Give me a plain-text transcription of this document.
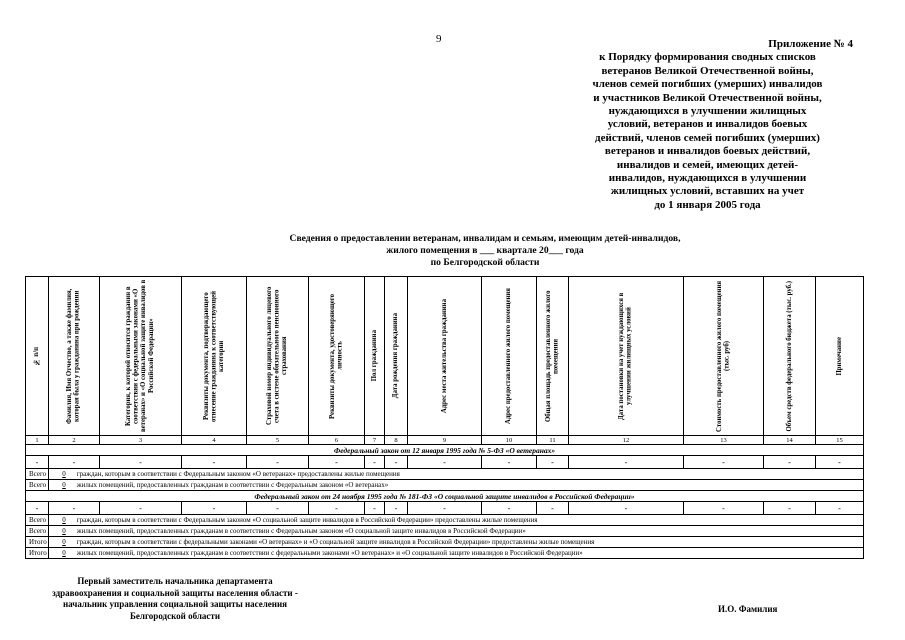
9	Приложение № 4
к Порядку формирования сводных списков
ветеранов Великой Отечественной войны,
членов семей погибших (умерших) инвалидов
и участников Великой Отечественной войны,
нуждающихся в улучшении жилищных
условий, ветеранов и инвалидов боевых
действий, членов семей погибших (умерших)
ветеранов и инвалидов боевых действий,
инвалидов и семей, имеющих детей-
инвалидов, нуждающихся в улучшении
жилищных условий, вставших на учет
до 1 января 2005 года
Сведения о предоставлении ветеранам, инвалидам и семьям, имеющим детей-инвалидов,
жилого помещения в ___ квартале 20___ года
по Белгородской области
№ п/п	Фамилия, Имя Отчество, а также фамилия, которая была у гражданина при рождении	Категория, к которой относится гражданин в соответствии с федеральными законами «О ветеранах» и «О социальной защите инвалидов в Российской Федерации»	Реквизиты документа, подтверждающего отнесение гражданина к соответствующей категории	Страховой номер индивидуального лицевого счета в системе обязательного пенсионного страхования	Реквизиты документа, удостоверяющего личность	Пол гражданина	Дата рождения гражданина	Адрес места жительства гражданина	Адрес предоставленного жилого помещения	Общая площадь предоставленного жилого помещения	Дата постановки на учет нуждающихся в улучшении жилищных условий	Стоимость предоставленного жилого помещения (тыс. руб)	Объем средств федерального бюджета (тыс. руб.)	Примечание

1	2	3	4	5	6	7	8	9	10	11	12	13	14	15
Федеральный закон от 12 января 1995 года № 5-ФЗ «О ветеранах»														
-	-	-	-	-	-	-	-	-	-	-	-	-	-	-
Всего	0 граждан, которым в соответствии с Федеральным законом «О ветеранах» предоставлены жилые помещения													
Всего	0 жилых помещений, предоставленных гражданам в соответствии с Федеральным законом «О ветеранах»													
Федеральный закон от 24 ноября 1995 года № 181-ФЗ «О социальной защите инвалидов в Российской Федерации»														
-	-	-	-	-	-	-	-	-	-	-	-	-	-	-
Всего	0 граждан, которым в соответствии с Федеральным законом «О социальной защите инвалидов в Российской Федерации» предоставлены жилые помещения													
Всего	0 жилых помещений, предоставленных гражданам в соответствии с Федеральным законом «О социальной защите инвалидов в Российской Федерации»													
Итого	0 граждан, которым в соответствии с федеральными законами «О ветеранах» и «О социальной защите инвалидов в Российской Федерации» предоставлены жилые помещения													
Итого	0 жилых помещений, предоставленных гражданам в соответствии с федеральными законами «О ветеранах» и «О социальной защите инвалидов в Российской Федерации»													
Первый заместитель начальника департамента
здравоохранения и социальной защиты населения области -
начальник управления социальной защиты населения
Белгородской области
И.О. Фамилия
